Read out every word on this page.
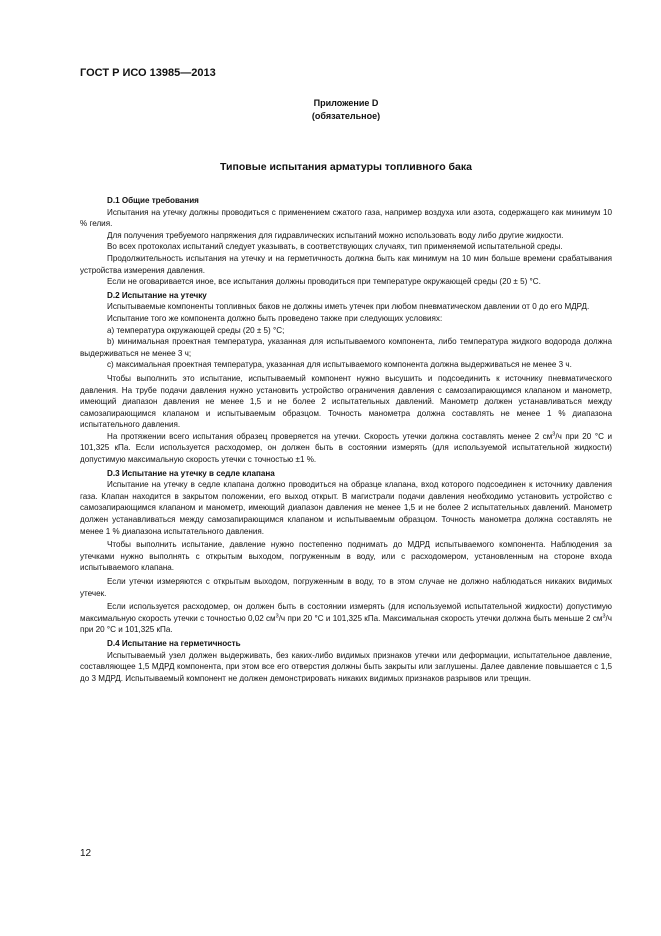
ГОСТ Р ИСО 13985—2013

Приложение D
(обязательное)

Типовые испытания арматуры топливного бака

D.1 Общие требования

Испытания на утечку должны проводиться с применением сжатого газа, например воздуха или азота, содержащего как минимум 10 % гелия.

Для получения требуемого напряжения для гидравлических испытаний можно использовать воду либо другие жидкости.

Во всех протоколах испытаний следует указывать, в соответствующих случаях, тип применяемой испытательной среды.

Продолжительность испытания на утечку и на герметичность должна быть как минимум на 10 мин больше времени срабатывания устройства измерения давления.

Если не оговаривается иное, все испытания должны проводиться при температуре окружающей среды (20 ± 5) °С.

D.2 Испытание на утечку

Испытываемые компоненты топливных баков не должны иметь утечек при любом пневматическом давлении от 0 до его МДРД.

Испытание того же компонента должно быть проведено также при следующих условиях:

a) температура окружающей среды (20 ± 5) °С;

b) минимальная проектная температура, указанная для испытываемого компонента, либо температура жидкого водорода должна выдерживаться не менее 3 ч;

c) максимальная проектная температура, указанная для испытываемого компонента должна выдерживаться не менее 3 ч.

Чтобы выполнить это испытание, испытываемый компонент нужно высушить и подсоединить к источнику пневматического давления. На трубе подачи давления нужно установить устройство ограничения давления с самозапирающимся клапаном и манометр, имеющий диапазон давления не менее 1,5 и не более 2 испытательных давлений. Манометр должен устанавливаться между самозапирающимся клапаном и испытываемым образцом. Точность манометра должна составлять не менее 1 % диапазона испытательного давления.

На протяжении всего испытания образец проверяется на утечки. Скорость утечки должна составлять менее 2 $см^3/ч$ при 20 °С и 101,325 кПа. Если используется расходомер, он должен быть в состоянии измерять (для используемой испытательной жидкости) допустимую максимальную скорость утечки с точностью ±1 %.

D.3 Испытание на утечку в седле клапана

Испытание на утечку в седле клапана должно проводиться на образце клапана, вход которого подсоединен к источнику давления газа. Клапан находится в закрытом положении, его выход открыт. В магистрали подачи давления необходимо установить устройство с самозапирающимся клапаном и манометр, имеющий диапазон давления не менее 1,5 и не более 2 испытательных давлений. Манометр должен устанавливаться между самозапирающимся клапаном и испытываемым образцом. Точность манометра должна составлять не менее 1 % диапазона испытательного давления.

Чтобы выполнить испытание, давление нужно постепенно поднимать до МДРД испытываемого компонента. Наблюдения за утечками нужно выполнять с открытым выходом, погруженным в воду, или с расходомером, установленным на стороне входа испытываемого клапана.

Если утечки измеряются с открытым выходом, погруженным в воду, то в этом случае не должно наблюдаться никаких видимых утечек.

Если используется расходомер, он должен быть в состоянии измерять (для используемой испытательной жидкости) допустимую максимальную скорость утечки с точностью 0,02 $см^3/ч$ при 20 °С и 101,325 кПа. Максимальная скорость утечки должна быть меньше 2 $см^3/ч$ при 20 °С и 101,325 кПа.

D.4 Испытание на герметичность

Испытываемый узел должен выдерживать, без каких-либо видимых признаков утечки или деформации, испытательное давление, составляющее 1,5 МДРД компонента, при этом все его отверстия должны быть закрыты или заглушены. Далее давление повышается с 1,5 до 3 МДРД. Испытываемый компонент не должен демонстрировать никаких видимых признаков разрывов или трещин.

12
